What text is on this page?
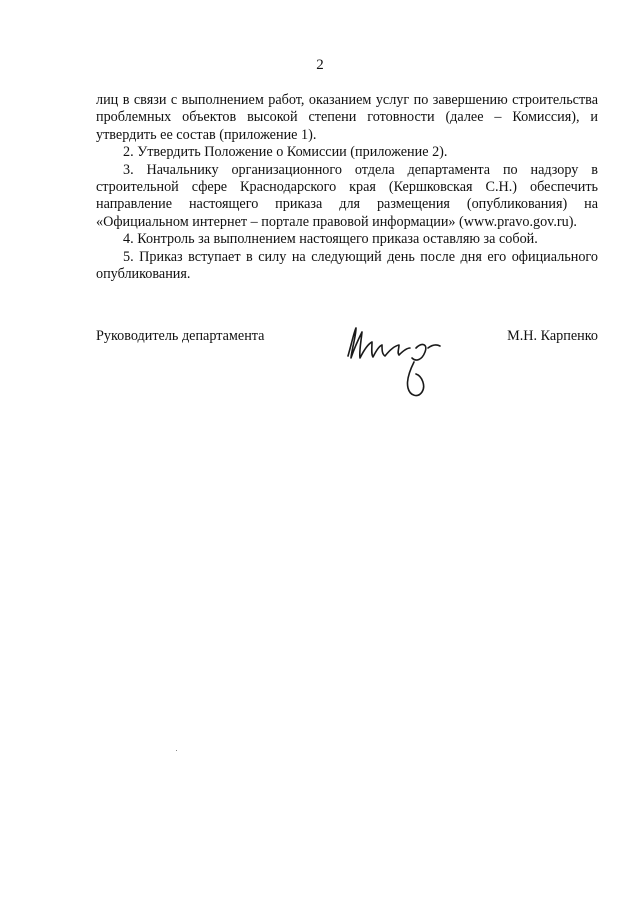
2

лиц в связи с выполнением работ, оказанием услуг по завершению строительства проблемных объектов высокой степени готовности (далее – Комиссия), и утвердить ее состав (приложение 1).

2. Утвердить Положение о Комиссии (приложение 2).

3. Начальнику организационного отдела департамента по надзору в строительной сфере Краснодарского края (Кершковская С.Н.) обеспечить направление настоящего приказа для размещения (опубликования) на «Официальном интернет – портале правовой информации» (www.pravo.gov.ru).

4. Контроль за выполнением настоящего приказа оставляю за собой.

5. Приказ вступает в силу на следующий день после дня его официального опубликования.

Руководитель департамента	М.Н. Карпенко
